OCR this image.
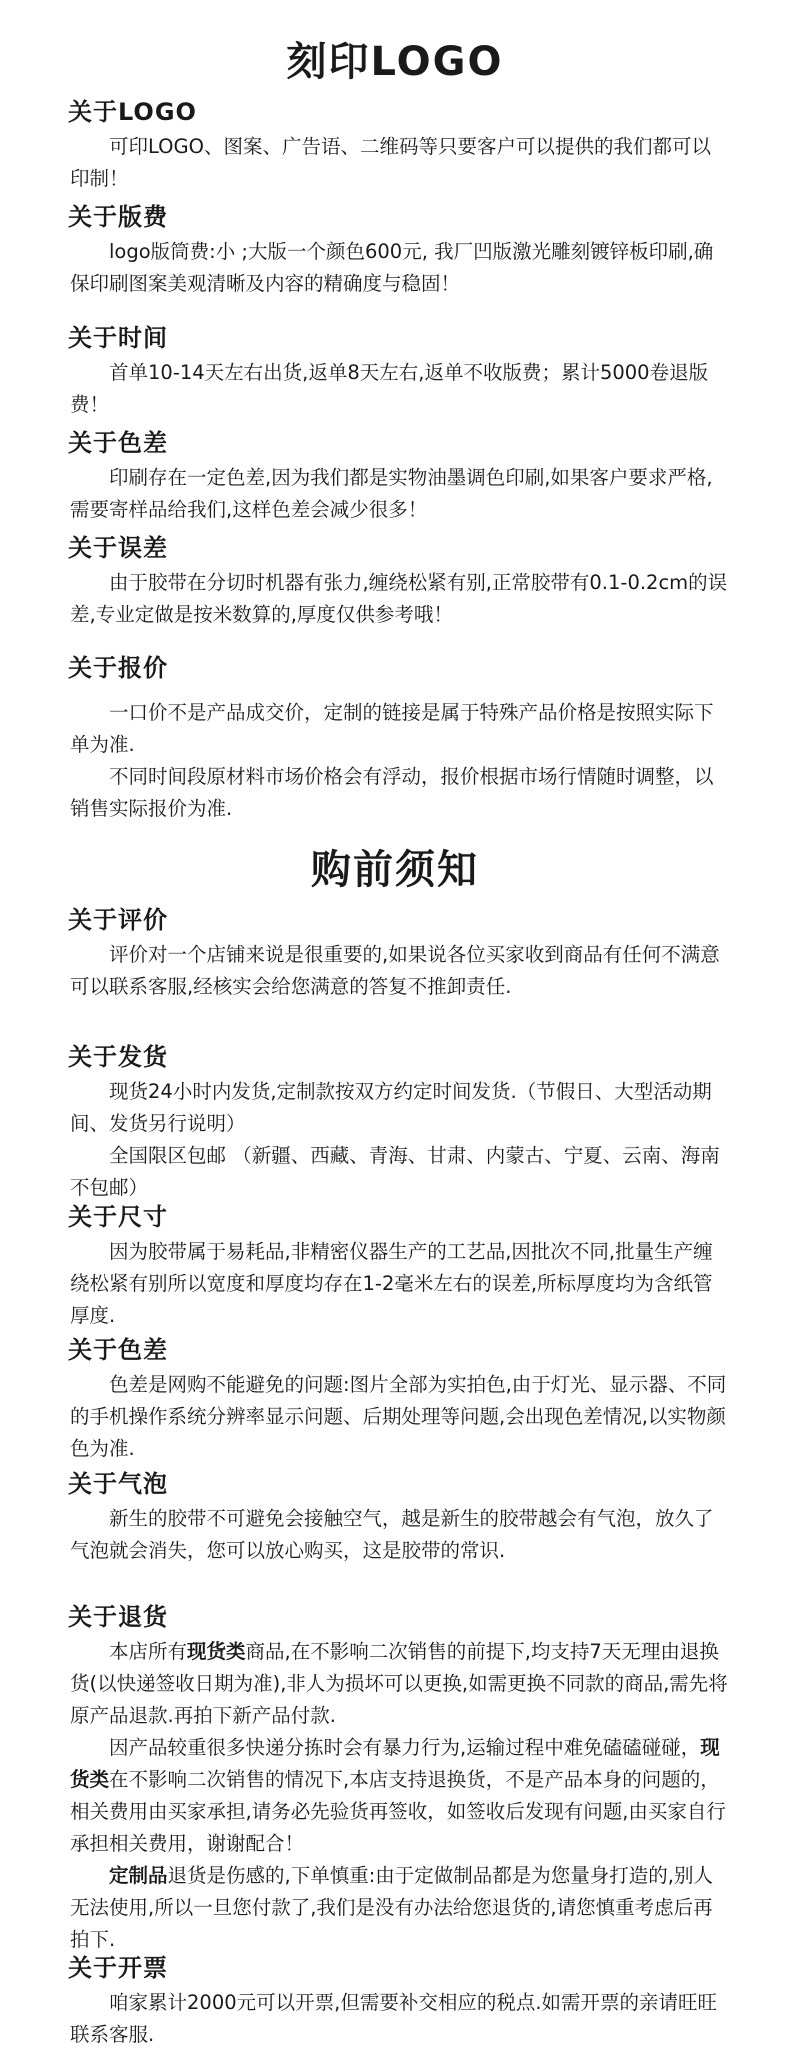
刻印LOGO
关于LOGO

可印LOGO、图案、广告语、二维码等只要客户可以提供的我们都可以印制！

关于版费

logo版筒费:小 ;大版一个颜色600元, 我厂凹版激光雕刻镀锌板印刷,确保印刷图案美观清晰及内容的精确度与稳固！

关于时间

首单10-14天左右出货,返单8天左右,返单不收版费；累计5000卷退版费！

关于色差

印刷存在一定色差,因为我们都是实物油墨调色印刷,如果客户要求严格,需要寄样品给我们,这样色差会减少很多！

关于误差

由于胶带在分切时机器有张力,缠绕松紧有别,正常胶带有0.1-0.2cm的误差,专业定做是按米数算的,厚度仅供参考哦！

关于报价

一口价不是产品成交价，定制的链接是属于特殊产品价格是按照实际下单为准.

不同时间段原材料市场价格会有浮动，报价根据市场行情随时调整，以销售实际报价为准.

购前须知
关于评价

评价对一个店铺来说是很重要的,如果说各位买家收到商品有任何不满意可以联系客服,经核实会给您满意的答复不推卸责任.

关于发货

现货24小时内发货,定制款按双方约定时间发货.（节假日、大型活动期间、发货另行说明）

全国限区包邮 （新疆、西藏、青海、甘肃、内蒙古、宁夏、云南、海南不包邮）

关于尺寸

因为胶带属于易耗品,非精密仪器生产的工艺品,因批次不同,批量生产缠绕松紧有别所以宽度和厚度均存在1-2毫米左右的误差,所标厚度均为含纸管厚度.

关于色差

色差是网购不能避免的问题:图片全部为实拍色,由于灯光、显示器、不同的手机操作系统分辨率显示问题、后期处理等问题,会出现色差情况,以实物颜色为准.

关于气泡

新生的胶带不可避免会接触空气，越是新生的胶带越会有气泡，放久了气泡就会消失，您可以放心购买，这是胶带的常识.

关于退货

本店所有现货类商品,在不影响二次销售的前提下,均支持7天无理由退换货(以快递签收日期为准),非人为损坏可以更换,如需更换不同款的商品,需先将原产品退款.再拍下新产品付款.

因产品较重很多快递分拣时会有暴力行为,运输过程中难免磕磕碰碰，现货类在不影响二次销售的情况下,本店支持退换货，不是产品本身的问题的，相关费用由买家承担,请务必先验货再签收，如签收后发现有问题,由买家自行承担相关费用，谢谢配合！

定制品退货是伤感的,下单慎重:由于定做制品都是为您量身打造的,别人无法使用,所以一旦您付款了,我们是没有办法给您退货的,请您慎重考虑后再拍下.

关于开票

咱家累计2000元可以开票,但需要补交相应的税点.如需开票的亲请旺旺联系客服.
